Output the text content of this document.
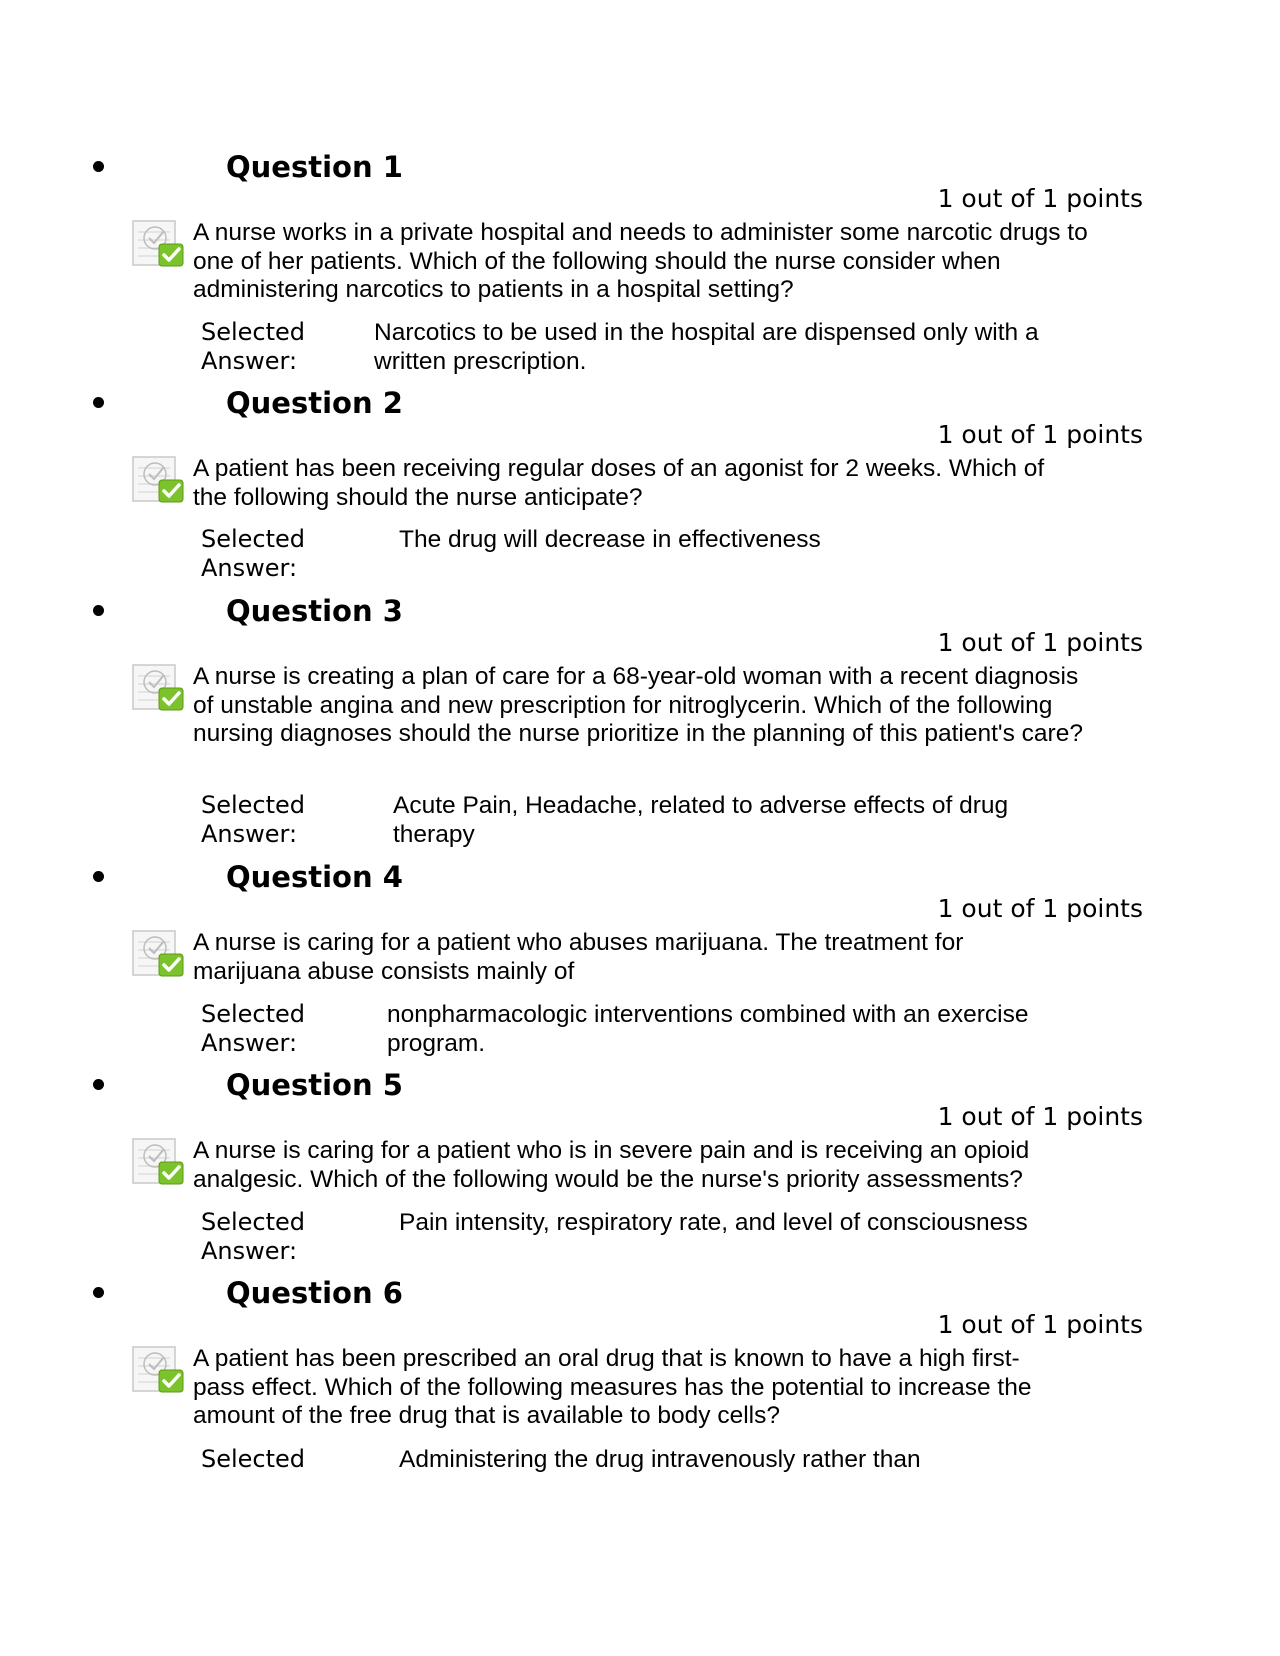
Question 1
1 out of 1 points
A nurse works in a private hospital and needs to administer some narcotic drugs to one of her patients. Which of the following should the nurse consider when administering narcotics to patients in a hospital setting?
Selected Answer:
Narcotics to be used in the hospital are dispensed only with a written prescription.
Question 2
1 out of 1 points
A patient has been receiving regular doses of an agonist for 2 weeks. Which of the following should the nurse anticipate?
Selected Answer:
The drug will decrease in effectiveness
Question 3
1 out of 1 points
A nurse is creating a plan of care for a 68-year-old woman with a recent diagnosis of unstable angina and new prescription for nitroglycerin. Which of the following nursing diagnoses should the nurse prioritize in the planning of this patient's care?
Selected Answer:
Acute Pain, Headache, related to adverse effects of drug therapy
Question 4
1 out of 1 points
A nurse is caring for a patient who abuses marijuana. The treatment for marijuana abuse consists mainly of
Selected Answer:
nonpharmacologic interventions combined with an exercise program.
Question 5
1 out of 1 points
A nurse is caring for a patient who is in severe pain and is receiving an opioid analgesic. Which of the following would be the nurse's priority assessments?
Selected Answer:
Pain intensity, respiratory rate, and level of consciousness
Question 6
1 out of 1 points
A patient has been prescribed an oral drug that is known to have a high first-pass effect. Which of the following measures has the potential to increase the amount of the free drug that is available to body cells?
Selected	Administering the drug intravenously rather than
